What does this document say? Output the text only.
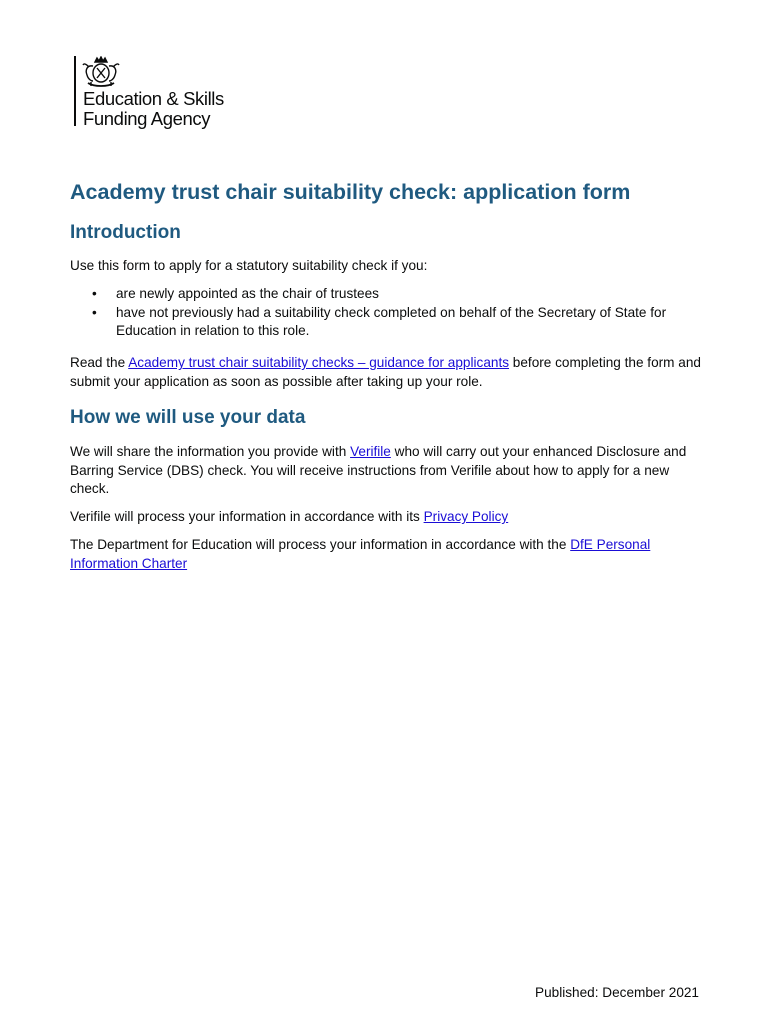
Education & Skills
Funding Agency
Academy trust chair suitability check: application form
Introduction

Use this form to apply for a statutory suitability check if you:

• are newly appointed as the chair of trustees
• have not previously had a suitability check completed on behalf of the Secretary of State for Education in relation to this role.

Read the Academy trust chair suitability checks – guidance for applicants before completing the form and submit your application as soon as possible after taking up your role.

How we will use your data

We will share the information you provide with Verifile who will carry out your enhanced Disclosure and Barring Service (DBS) check. You will receive instructions from Verifile about how to apply for a new check.

Verifile will process your information in accordance with its Privacy Policy

The Department for Education will process your information in accordance with the DfE Personal Information Charter

Published: December 2021
